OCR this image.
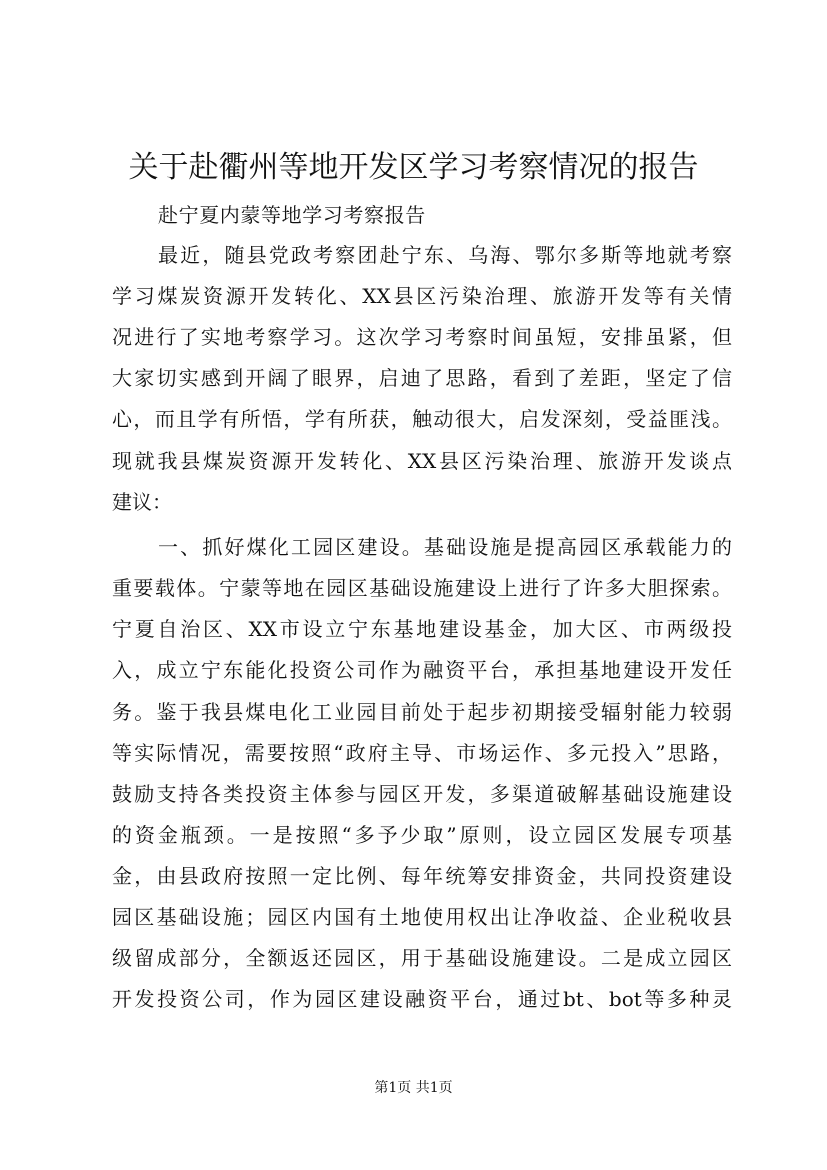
关于赴衢州等地开发区学习考察情况的报告
赴宁夏内蒙等地学习考察报告
最近，随县党政考察团赴宁东、乌海、鄂尔多斯等地就考察
学习煤炭资源开发转化、XX县区污染治理、旅游开发等有关情
况进行了实地考察学习。这次学习考察时间虽短，安排虽紧，但
大家切实感到开阔了眼界，启迪了思路，看到了差距，坚定了信
心，而且学有所悟，学有所获，触动很大，启发深刻，受益匪浅。
现就我县煤炭资源开发转化、XX县区污染治理、旅游开发谈点
建议：
一、抓好煤化工园区建设。基础设施是提高园区承载能力的
重要载体。宁蒙等地在园区基础设施建设上进行了许多大胆探索。
宁夏自治区、XX市设立宁东基地建设基金，加大区、市两级投
入，成立宁东能化投资公司作为融资平台，承担基地建设开发任
务。鉴于我县煤电化工业园目前处于起步初期接受辐射能力较弱
等实际情况，需要按照“政府主导、市场运作、多元投入”思路，
鼓励支持各类投资主体参与园区开发，多渠道破解基础设施建设
的资金瓶颈。一是按照“多予少取”原则，设立园区发展专项基
金，由县政府按照一定比例、每年统筹安排资金，共同投资建设
园区基础设施；园区内国有土地使用权出让净收益、企业税收县
级留成部分，全额返还园区，用于基础设施建设。二是成立园区
开发投资公司，作为园区建设融资平台，通过bt、bot等多种灵
第1页 共1页
